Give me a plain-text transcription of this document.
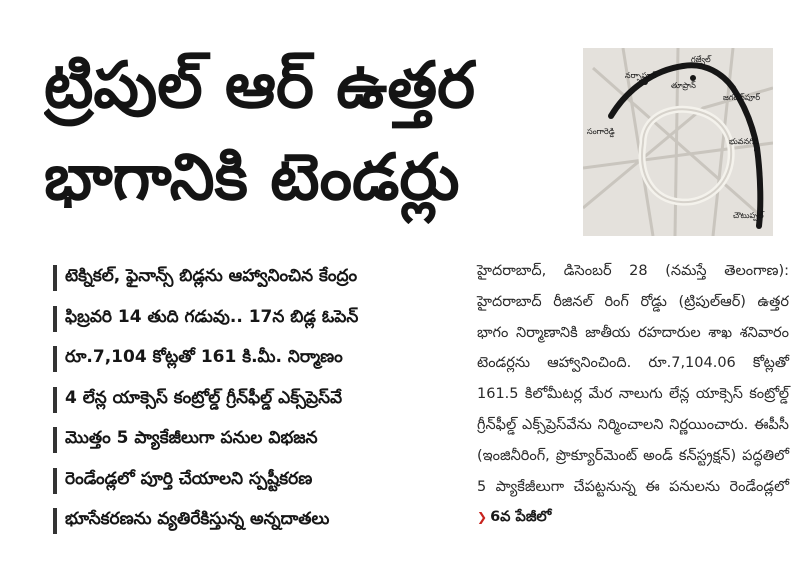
ట్రిపుల్ ఆర్ ఉత్తర
భాగానికి టెండర్లు
గజ్వేల్
చౌటుప్పల్
సంగారెడ్డి
నర్సాపూర్
తూప్రాన్
జగదేవ్‌పూర్
భువనగిరి
టెక్నికల్, ఫైనాన్స్ బిడ్లను ఆహ్వానించిన కేంద్రం
ఫిబ్రవరి 14 తుది గడువు.. 17న బిడ్ల ఓపెన్
రూ.7,104 కోట్లతో 161 కి.మీ. నిర్మాణం
4 లేన్ల యాక్సెస్ కంట్రోల్డ్ గ్రీన్‌ఫీల్డ్ ఎక్స్‌ప్రెస్‌వే
మొత్తం 5 ప్యాకేజీలుగా పనుల విభజన
రెండేండ్లలో పూర్తి చేయాలని స్పష్టీకరణ
భూసేకరణను వ్యతిరేకిస్తున్న అన్నదాతలు
హైదరాబాద్, డిసెంబర్ 28 (నమస్తే తెలంగాణ): హైదరాబాద్ రీజినల్ రింగ్ రోడ్డు (ట్రిపుల్‌ఆర్) ఉత్తర భాగం నిర్మాణానికి జాతీయ రహదారుల శాఖ శనివారం టెండర్లను ఆహ్వానించింది. రూ.7,104.06 కోట్లతో 161.5 కిలోమీటర్ల మేర నాలుగు లేన్ల యాక్సెస్ కంట్రోల్డ్ గ్రీన్‌ఫీల్డ్ ఎక్స్‌ప్రెస్‌వేను నిర్మించాలని నిర్ణయించారు. ఈపీసీ (ఇంజినీరింగ్, ప్రొక్యూర్‌మెంట్ అండ్ కన్‌స్ట్రక్షన్) పద్ధతిలో 5 ప్యాకేజీలుగా చేపట్టనున్న ఈ పనులను రెండేండ్లలో
❯ 6వ పేజీలో
